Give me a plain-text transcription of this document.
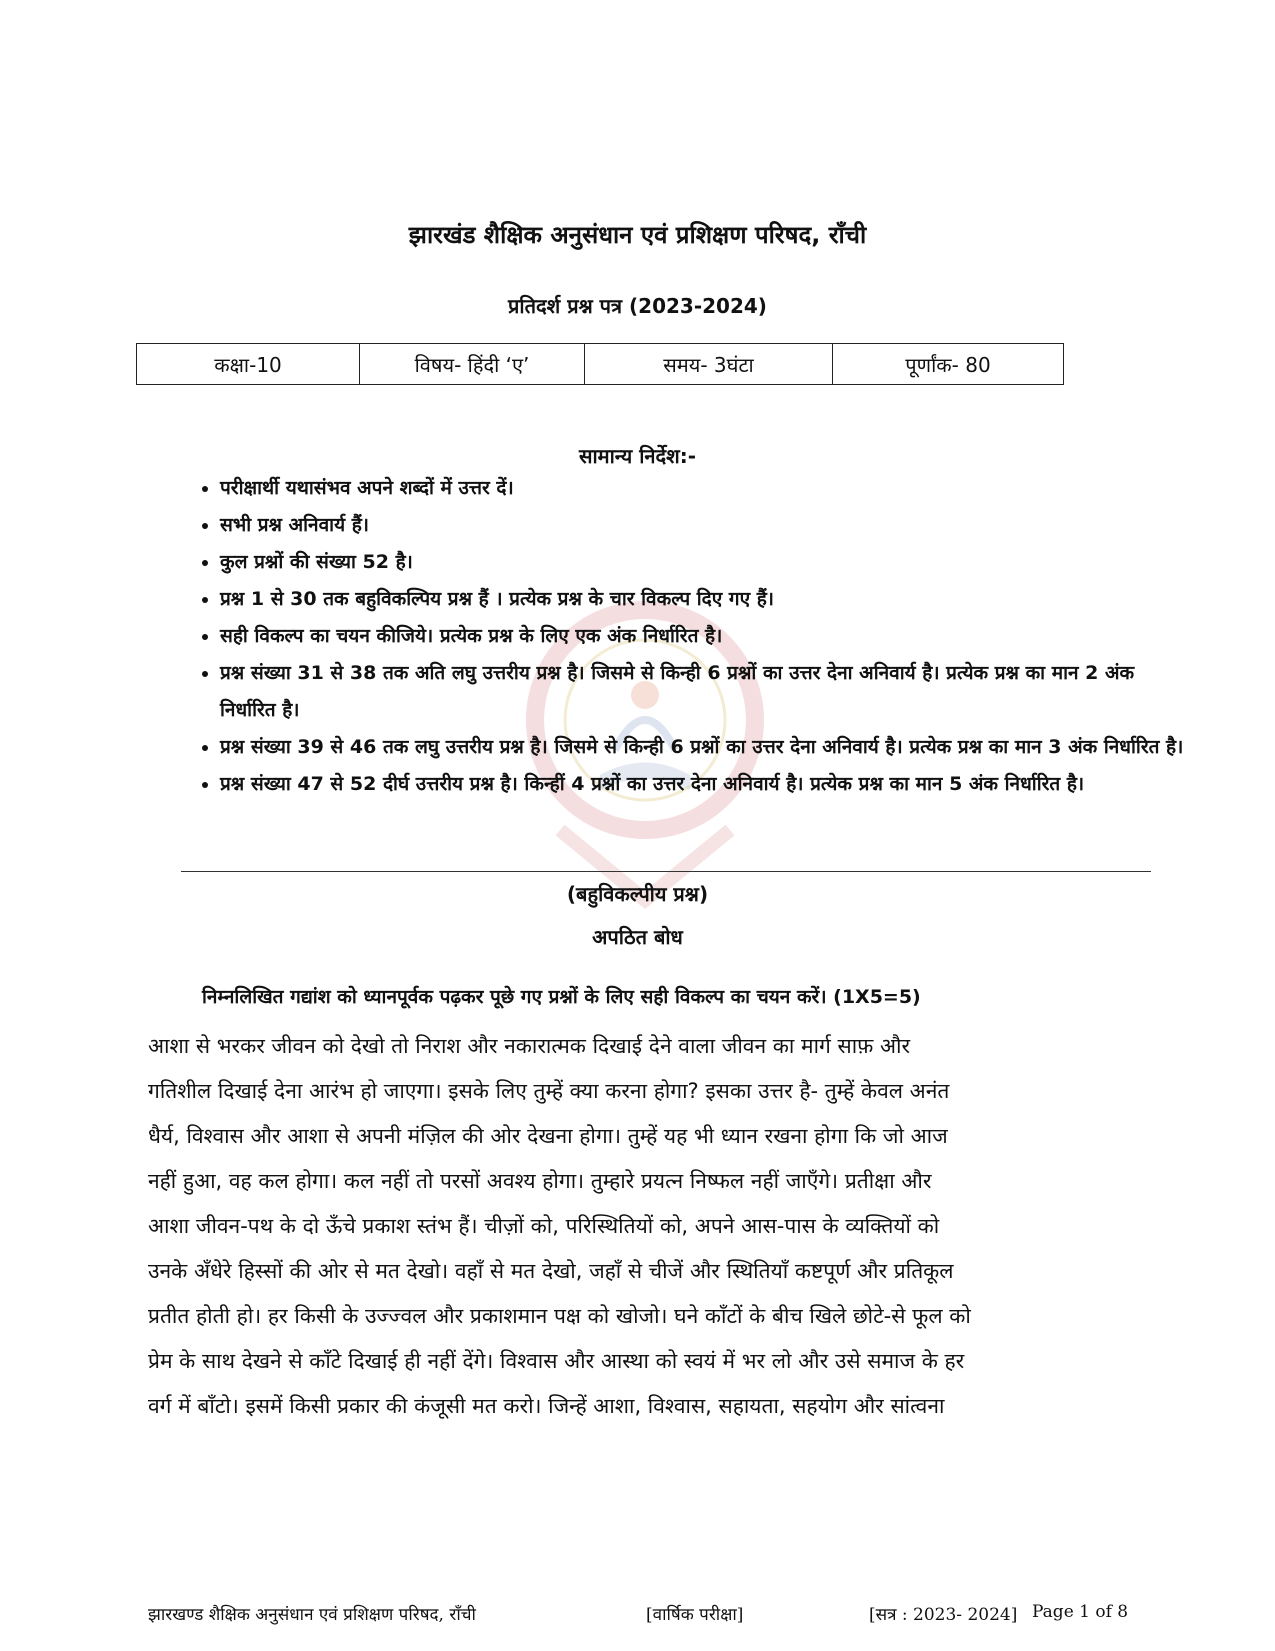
झारखंड शैक्षिक अनुसंधान एवं प्रशिक्षण परिषद, राँची
प्रतिदर्श प्रश्न पत्र (2023-2024)
कक्षा-10	विषय- हिंदी ‘ए’	समय- 3घंटा	पूर्णांक- 80
सामान्य निर्देश:-
• परीक्षार्थी यथासंभव अपने शब्दों में उत्तर दें।
• सभी प्रश्न अनिवार्य हैं।
• कुल प्रश्नों की संख्या 52 है।
• प्रश्न 1 से 30 तक बहुविकल्पिय प्रश्न हैं । प्रत्येक प्रश्न के चार विकल्प दिए गए हैं।
• सही विकल्प का चयन कीजिये। प्रत्येक प्रश्न के लिए एक अंक निर्धारित है।
• प्रश्न संख्या 31 से 38 तक अति लघु उत्तरीय प्रश्न है। जिसमे से किन्ही 6 प्रश्नों का उत्तर देना अनिवार्य है। प्रत्येक प्रश्न का मान 2 अंक निर्धारित है।
• प्रश्न संख्या 39 से 46 तक लघु उत्तरीय प्रश्न है। जिसमे से किन्ही 6 प्रश्नों का उत्तर देना अनिवार्य है। प्रत्येक प्रश्न का मान 3 अंक निर्धारित है।
• प्रश्न संख्या 47 से 52 दीर्घ उत्तरीय प्रश्न है। किन्हीं 4 प्रश्नों का उत्तर देना अनिवार्य है। प्रत्येक प्रश्न का मान 5 अंक निर्धारित है।
(बहुविकल्पीय प्रश्न)
अपठित बोध
निम्नलिखित गद्यांश को ध्यानपूर्वक पढ़कर पूछे गए प्रश्नों के लिए सही विकल्प का चयन करें। (1X5=5)
आशा से भरकर जीवन को देखो तो निराश और नकारात्मक दिखाई देने वाला जीवन का मार्ग साफ़ और
गतिशील दिखाई देना आरंभ हो जाएगा। इसके लिए तुम्हें क्या करना होगा? इसका उत्तर है- तुम्हें केवल अनंत
धैर्य, विश्वास और आशा से अपनी मंज़िल की ओर देखना होगा। तुम्हें यह भी ध्यान रखना होगा कि जो आज
नहीं हुआ, वह कल होगा। कल नहीं तो परसों अवश्य होगा। तुम्हारे प्रयत्न निष्फल नहीं जाएँगे। प्रतीक्षा और
आशा जीवन-पथ के दो ऊँचे प्रकाश स्तंभ हैं। चीज़ों को, परिस्थितियों को, अपने आस-पास के व्यक्तियों को
उनके अँधेरे हिस्सों की ओर से मत देखो। वहाँ से मत देखो, जहाँ से चीजें और स्थितियाँ कष्टपूर्ण और प्रतिकूल
प्रतीत होती हो। हर किसी के उज्ज्वल और प्रकाशमान पक्ष को खोजो। घने काँटों के बीच खिले छोटे-से फूल को
प्रेम के साथ देखने से काँटे दिखाई ही नहीं देंगे। विश्वास और आस्था को स्वयं में भर लो और उसे समाज के हर
वर्ग में बाँटो। इसमें किसी प्रकार की कंजूसी मत करो। जिन्हें आशा, विश्वास, सहायता, सहयोग और सांत्वना
झारखण्ड शैक्षिक अनुसंधान एवं प्रशिक्षण परिषद, राँची	[वार्षिक परीक्षा]	[सत्र : 2023- 2024] Page 1 of 8
